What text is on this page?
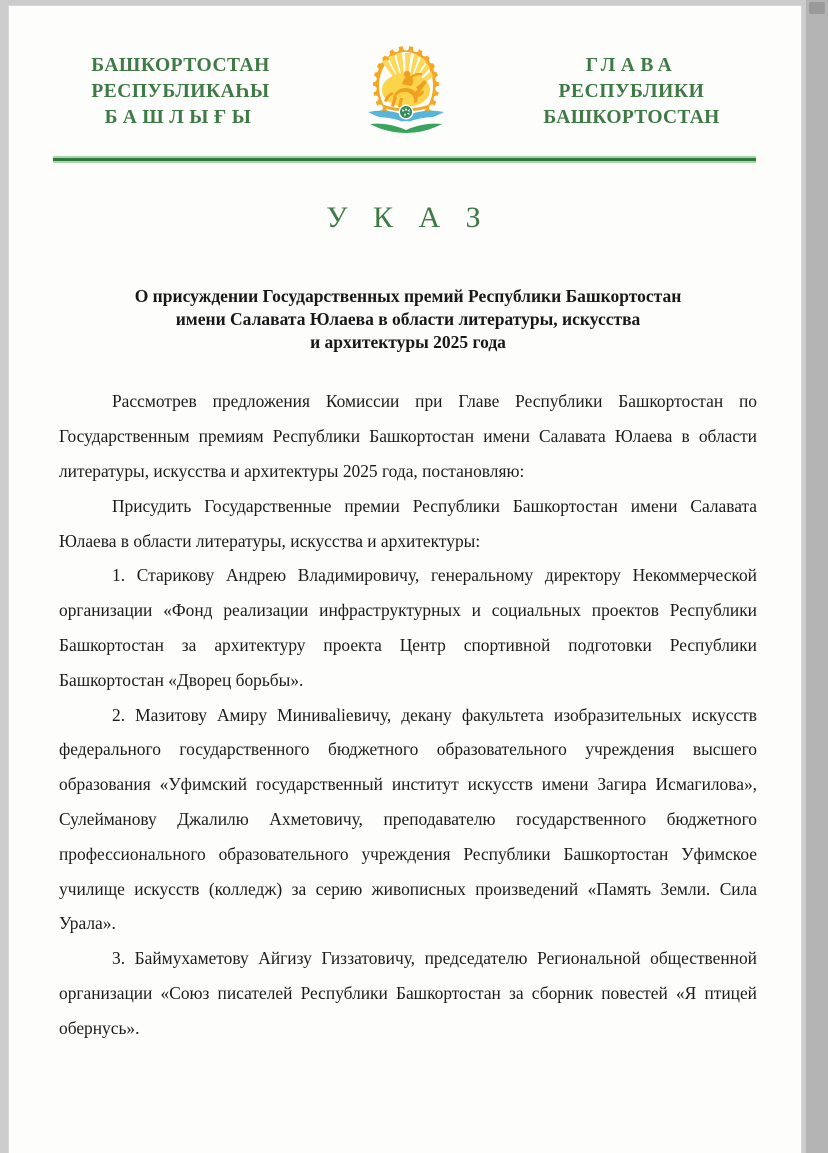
БАШКОРТОСТАН
РЕСПУБЛИКАҺЫ
БАШЛЫҒЫ
ГЛАВА
РЕСПУБЛИКИ
БАШКОРТОСТАН
У К А З
О присуждении Государственных премий Республики Башкортостан
имени Салавата Юлаева в области литературы, искусства
и архитектуры 2025 года

Рассмотрев предложения Комиссии при Главе Республики Башкортостан по Государственным премиям Республики Башкортостан имени Салавата Юлаева в области литературы, искусства и архитектуры 2025 года, постановляю:

Присудить Государственные премии Республики Башкортостан имени Салавата Юлаева в области литературы, искусства и архитектуры:

1. Старикову Андрею Владимировичу, генеральному директору Некоммерческой организации «Фонд реализации инфраструктурных и социальных проектов Республики Башкортостан за архитектуру проекта Центр спортивной подготовки Республики Башкортостан «Дворец борьбы».

2. Мазитову Амиру Миниваliевичу, декану факультета изобразительных искусств федерального государственного бюджетного образовательного учреждения высшего образования «Уфимский государственный институт искусств имени Загира Исмагилова», Сулейманову Джалилю Ахметовичу, преподавателю государственного бюджетного профессионального образовательного учреждения Республики Башкортостан Уфимское училище искусств (колледж) за серию живописных произведений «Память Земли. Сила Урала».

3. Баймухаметову Айгизу Гиззатовичу, председателю Региональной общественной организации «Союз писателей Республики Башкортостан за сборник повестей «Я птицей обернусь».
